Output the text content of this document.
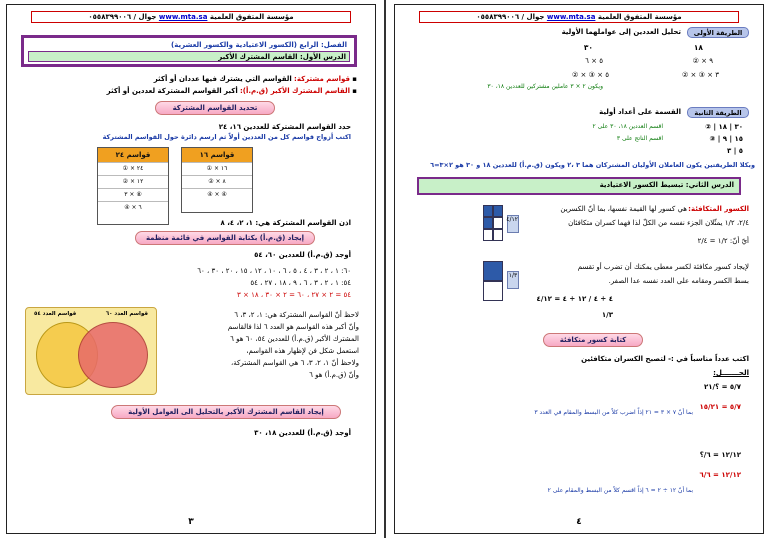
مؤسسة المتفوق العلمية www.mta.sa جوال / ٠٥٥٨٣٩٩٠٠٦
الفصل: الرابع (الكسور الاعتيادية والكسور العشرية)
الدرس الأول: القاسم المشترك الأكبر
▪ قواسم مشتركة: القواسم التي يشترك فيها عددان أو أكثر
▪ القاسم المشترك الأكبر (ق.م.أ): أكبر القواسم المشتركة لعددين أو أكثر
تحديد القواسم المشتركة
حدد القواسم المشتركة للعددين ١٦، ٢٤
اكتب أزواج قواسم كل من العددين أولاً ثم ارسم دائرة حول القواسم المشتركة
قواسم ١٦
١٦ × ①
٨ × ②
④ × ④
قواسم ٢٤
٢٤ × ①
١٢ × ②
⑧ × ٣
٦ × ④
اذن القواسم المشتركة هي: ١، ٢، ٤، ٨
إيجاد (ق.م.أ) بكتابة القواسم في قائمة منظمة
أوجد (ق.م.أ) للعددين ٦٠، ٥٤
٦٠: ١ ، ٢ ، ٣ ، ٤ ، ٥ ، ٦ ، ١٠ ، ١٢ ، ١٥ ، ٢٠ ، ٣٠ ، ٦٠
٥٤: ١ ، ٢ ، ٣ ، ٦ ، ٩ ، ١٨ ، ٢٧ ، ٥٤
٥٤ = ٢ × ٢٧ ، ٦٠ = ٢ × ٣٠ ، ١٨ × ٣
قواسم العدد ٦٠
قواسم العدد ٥٤	لاحظ أنّ القواسم المشتركة هي: ١، ٢، ٣، ٦
وأنّ أكبر هذه القواسم هو العدد ٦ لذا فالقاسم
المشترك الأكبر (ق.م.أ) للعددين ٥٤، ٦٠ هو ٦
استعمل شكل فن لإظهار هذه القواسم،
ولاحظ أنّ ١، ٢، ٣، ٦ هي القواسم المشتركة،
وأنّ (ق.م.أ) هو ٦
إيجاد القاسم المشترك الأكبر بالتحليل الى العوامل الأولية
أوجد (ق.م.أ) للعددين ١٨، ٣٠
٣
مؤسسة المتفوق العلمية www.mta.sa جوال / ٠٥٥٨٣٩٩٠٠٦
الطريقة الأولى
تحليل العددين إلى عواملهما الأولية
١٨
٩ × ②
٣ × ③ × ②
٣٠
٥ × ٦
٥ × ③ × ②
ويكون ٢ × ٣ عاملين مشتركين للعددين ١٨، ٣٠
الطريقة الثانية
القسمة على أعداد أولية
٣٠ | ١٨ | ②
١٥ | ٩ | ③
٥ | ٣
اقسم العددين ١٨، ٣٠ على ٢
اقسم الناتج على ٣
وبكلا الطريقتين يكون العاملان الأوليان المشتركان هما ٣ ،٢ ويكون (ق.م.أ) للعددين ١٨ و ٣٠ هو ٢×٣=٦
الدرس الثاني: تبسيط الكسور الاعتيادية
٤/١٢
الكسور المتكافئة:
هي كسور لها القيمة نفسها، بما أنّ الكسرين
٢/٤، ١/٢ يمثّلان الجزء نفسه من الكلّ لذا فهما كسران متكافئان
أيّ أنّ: ١/٢ = ٢/٤
١/٣
لإيجاد كسور مكافئة لكسر معطى يمكنك أن تضرب أو تقسم
بسط الكسر ومقامه على العدد نفسه عدا الصفر.
٤ ÷ ٤ / ١٢ ÷ ٤ = ٤/١٢
١/٣
كتابة كسور متكافئة
اكتب عدداً مناسباً في :- لتصبح الكسران متكافئين
الحـــــــل:
٥/٧ = ؟/٢١
٥/٧ = ١٥/٢١
بما أنّ ٧ × ٣ = ٢١ إذاً اضرب كلاً من البسط والمقام في العدد ٣
١٢/١٢ = ٦/؟
١٢/١٢ = ٦/٦
بما أنّ ١٢ ÷ ٢ = ٦ إذاً اقسم كلاً من البسط والمقام على ٢
٤
